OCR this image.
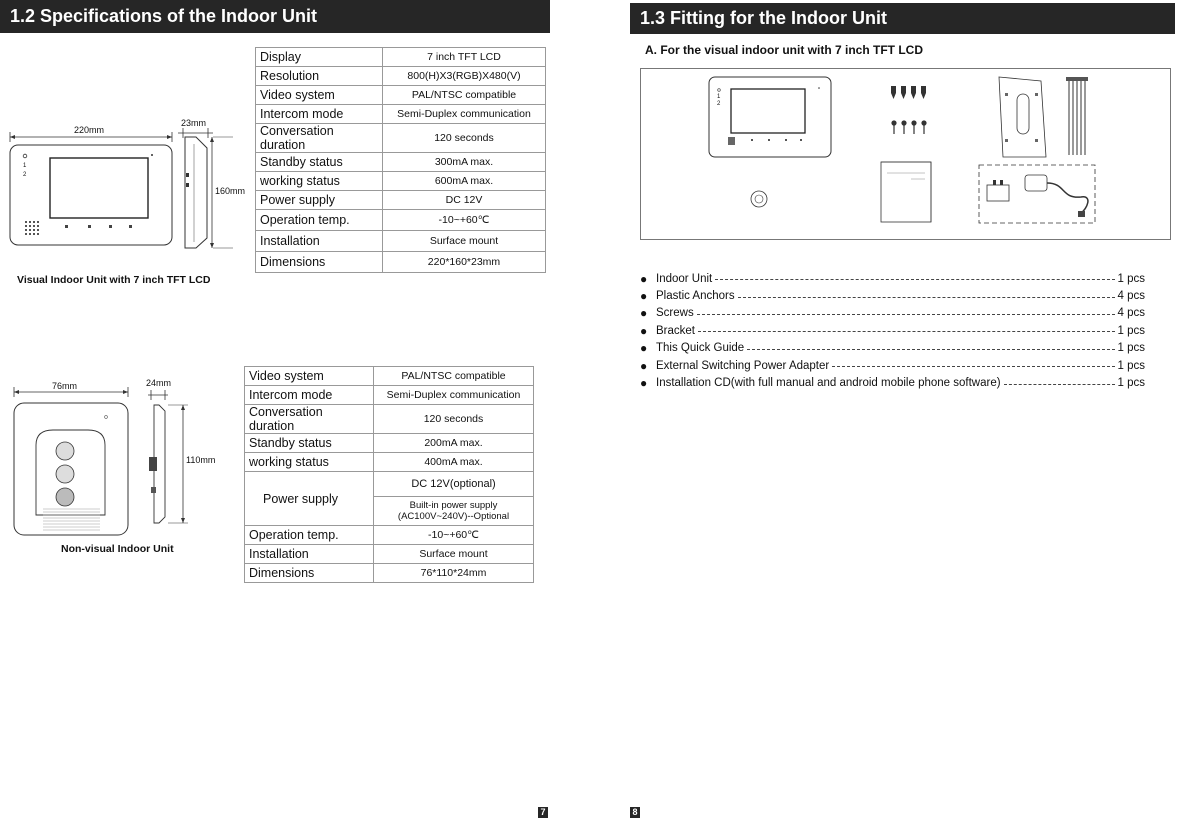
1.2 Specifications of the Indoor Unit
220mm
23mm
160mm
1
2
Visual Indoor Unit with 7 inch TFT LCD
Display	7 inch TFT LCD
Resolution	800(H)X3(RGB)X480(V)
Video system	PAL/NTSC compatible
Intercom mode	Semi-Duplex communication
Conversation duration	120 seconds
Standby status	300mA max.
working status	600mA max.
Power supply	DC 12V
Operation temp.	-10~+60℃
Installation	Surface mount
Dimensions	220*160*23mm
76mm	24mm
110mm
Non-visual Indoor Unit
Video system	PAL/NTSC compatible
Intercom mode	Semi-Duplex communication
Conversation duration	120 seconds
Standby status	200mA max.
working status	400mA max.
Power supply	DC 12V(optional)
	Built-in power supply
(AC100V~240V)--Optional
Operation temp.	-10~+60℃
Installation	Surface mount
Dimensions	76*110*24mm
7
1.3 Fitting for the Indoor Unit
A. For the visual indoor unit with 7 inch TFT LCD
1
2
● Indoor Unit	1 pcs
● Plastic Anchors	4 pcs
● Screws	4 pcs
● Bracket	1 pcs
● This Quick Guide	1 pcs
● External Switching Power Adapter	1 pcs
● Installation CD(with full manual and android mobile phone software)	1 pcs
8
